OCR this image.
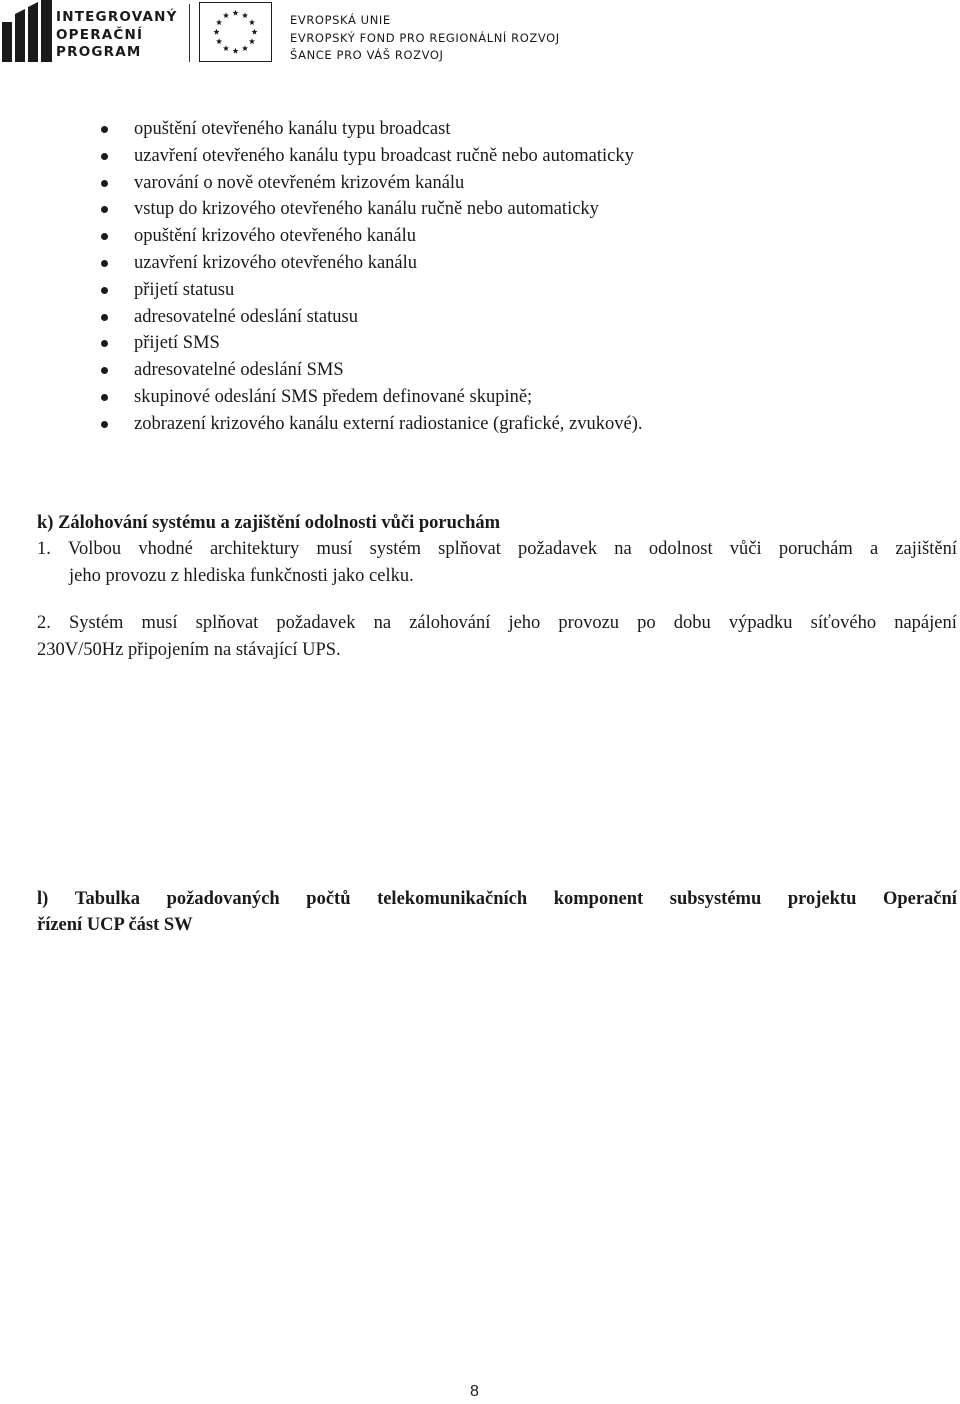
INTEGROVANÝ
OPERAČNÍ
PROGRAM
EVROPSKÁ UNIE
EVROPSKÝ FOND PRO REGIONÁLNÍ ROZVOJ
ŠANCE PRO VÁŠ ROZVOJ
opuštění otevřeného kanálu typu broadcast
uzavření otevřeného kanálu typu broadcast ručně nebo automaticky
varování o nově otevřeném krizovém kanálu
vstup do krizového otevřeného kanálu ručně nebo automaticky
opuštění krizového otevřeného kanálu
uzavření krizového otevřeného kanálu
přijetí statusu
adresovatelné odeslání statusu
přijetí SMS
adresovatelné odeslání SMS
skupinové odeslání SMS předem definované skupině;
zobrazení krizového kanálu externí radiostanice (grafické, zvukové).
k) Zálohování systému a zajištění odolnosti vůči poruchám
1. Volbou vhodné architektury musí systém splňovat požadavek na odolnost vůči poruchám a zajištění
jeho provozu z hlediska funkčnosti jako celku.
2. Systém musí splňovat požadavek na zálohování jeho provozu po dobu výpadku síťového napájení
230V/50Hz připojením na stávající UPS.
l) Tabulka požadovaných počtů telekomunikačních komponent subsystému projektu Operační
řízení UCP část SW
8
